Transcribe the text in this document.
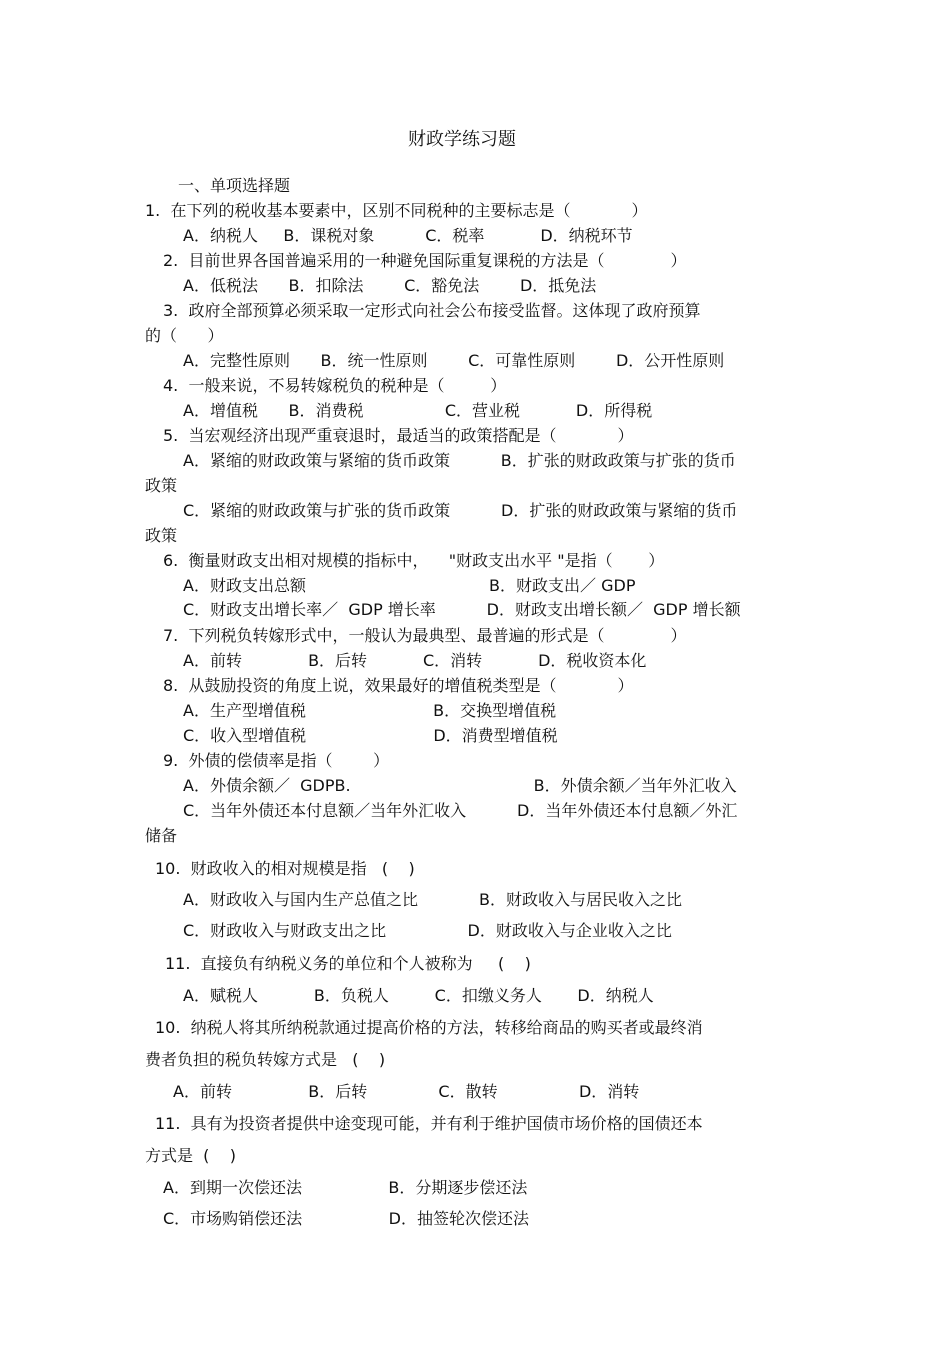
财政学练习题
一、单项选择题
1.  在下列的税收基本要素中，区别不同税种的主要标志是（            ）
A．纳税人     B．课税对象          C．税率           D．纳税环节
2.  目前世界各国普遍采用的一种避免国际重复课税的方法是（             ）
A．低税法      B．扣除法        C．豁免法        D．抵免法
3.  政府全部预算必须采取一定形式向社会公布接受监督。这体现了政府预算
的（      ）
A．完整性原则      B．统一性原则        C．可靠性原则        D．公开性原则
4.  一般来说，不易转嫁税负的税种是（         ）
A．增值税      B．消费税                C．营业税           D．所得税
5.  当宏观经济出现严重衰退时，最适当的政策搭配是（            ）
A．紧缩的财政政策与紧缩的货币政策          B．扩张的财政政策与扩张的货币
政策
C．紧缩的财政政策与扩张的货币政策          D．扩张的财政政策与紧缩的货币
政策
6.  衡量财政支出相对规模的指标中，    "财政支出水平 "是指（       ）
A．财政支出总额                                    B．财政支出／ GDP
C．财政支出增长率／  GDP 增长率          D．财政支出增长额／  GDP 增长额
7.  下列税负转嫁形式中，一般认为最典型、最普遍的形式是（             ）
A．前转             B．后转           C．消转           D．税收资本化
8.  从鼓励投资的角度上说，效果最好的增值税类型是（            ）
A．生产型增值税                         B．交换型增值税
C．收入型增值税                         D．消费型增值税
9.  外债的偿债率是指（        ）
A．外债余额／  GDPB.                                    B．外债余额／当年外汇收入
C．当年外债还本付息额／当年外汇收入          D．当年外债还本付息额／外汇
储备
10.  财政收入的相对规模是指   (    )
A．财政收入与国内生产总值之比            B．财政收入与居民收入之比
C．财政收入与财政支出之比                D．财政收入与企业收入之比
11.  直接负有纳税义务的单位和个人被称为     (    )
A．赋税人           B．负税人         C．扣缴义务人       D．纳税人
10.  纳税人将其所纳税款通过提高价格的方法，转移给商品的购买者或最终消
费者负担的税负转嫁方式是   (    )
A．前转               B．后转              C．散转                D．消转
11.  具有为投资者提供中途变现可能，并有利于维护国债市场价格的国债还本
方式是  (    )
A．到期一次偿还法                 B．分期逐步偿还法
C．市场购销偿还法                 D．抽签轮次偿还法
